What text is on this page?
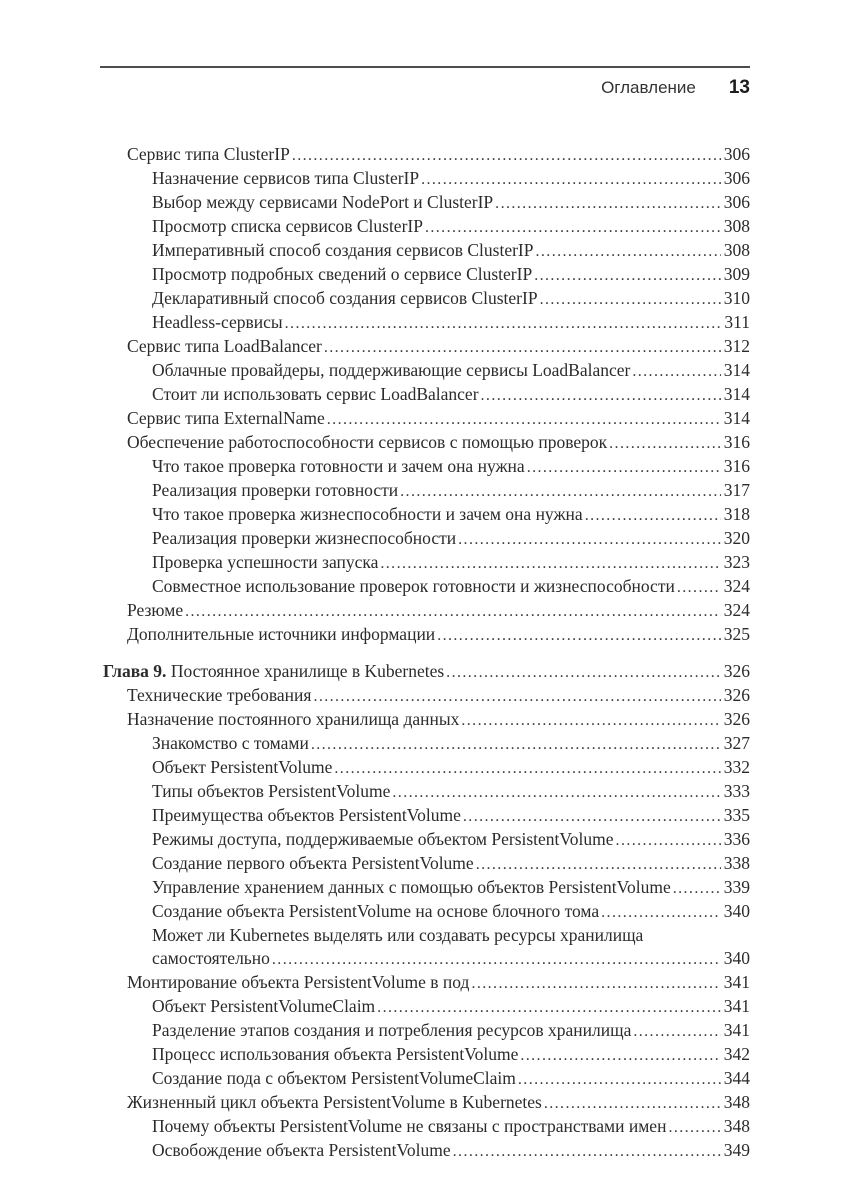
Оглавление 13
Сервис типа ClusterIP .....	306
Назначение сервисов типа ClusterIP .....	306
Выбор между сервисами NodePort и ClusterIP .....	306
Просмотр списка сервисов ClusterIP .....	308
Императивный способ создания сервисов ClusterIP .....	308
Просмотр подробных сведений о сервисе ClusterIP .....	309
Декларативный способ создания сервисов ClusterIP .....	310
Headless-сервисы .....	311
Сервис типа LoadBalancer .....	312
Облачные провайдеры, поддерживающие сервисы LoadBalancer .....	314
Стоит ли использовать сервис LoadBalancer .....	314
Сервис типа ExternalName .....	314
Обеспечение работоспособности сервисов с помощью проверок .....	316
Что такое проверка готовности и зачем она нужна .....	316
Реализация проверки готовности .....	317
Что такое проверка жизнеспособности и зачем она нужна .....	318
Реализация проверки жизнеспособности .....	320
Проверка успешности запуска .....	323
Совместное использование проверок готовности и жизнеспособности .....	324
Резюме .....	324
Дополнительные источники информации .....	325
Глава 9. Постоянное хранилище в Kubernetes .....	326
Технические требования .....	326
Назначение постоянного хранилища данных .....	326
Знакомство с томами .....	327
Объект PersistentVolume .....	332
Типы объектов PersistentVolume .....	333
Преимущества объектов PersistentVolume .....	335
Режимы доступа, поддерживаемые объектом PersistentVolume .....	336
Создание первого объекта PersistentVolume .....	338
Управление хранением данных с помощью объектов PersistentVolume .....	339
Создание объекта PersistentVolume на основе блочного тома .....	340
Может ли Kubernetes выделять или создавать ресурсы хранилища
самостоятельно .....	340
Монтирование объекта PersistentVolume в под .....	341
Объект PersistentVolumeClaim .....	341
Разделение этапов создания и потребления ресурсов хранилища .....	341
Процесс использования объекта PersistentVolume .....	342
Создание пода с объектом PersistentVolumeClaim .....	344
Жизненный цикл объекта PersistentVolume в Kubernetes .....	348
Почему объекты PersistentVolume не связаны с пространствами имен .....	348
Освобождение объекта PersistentVolume .....	349
